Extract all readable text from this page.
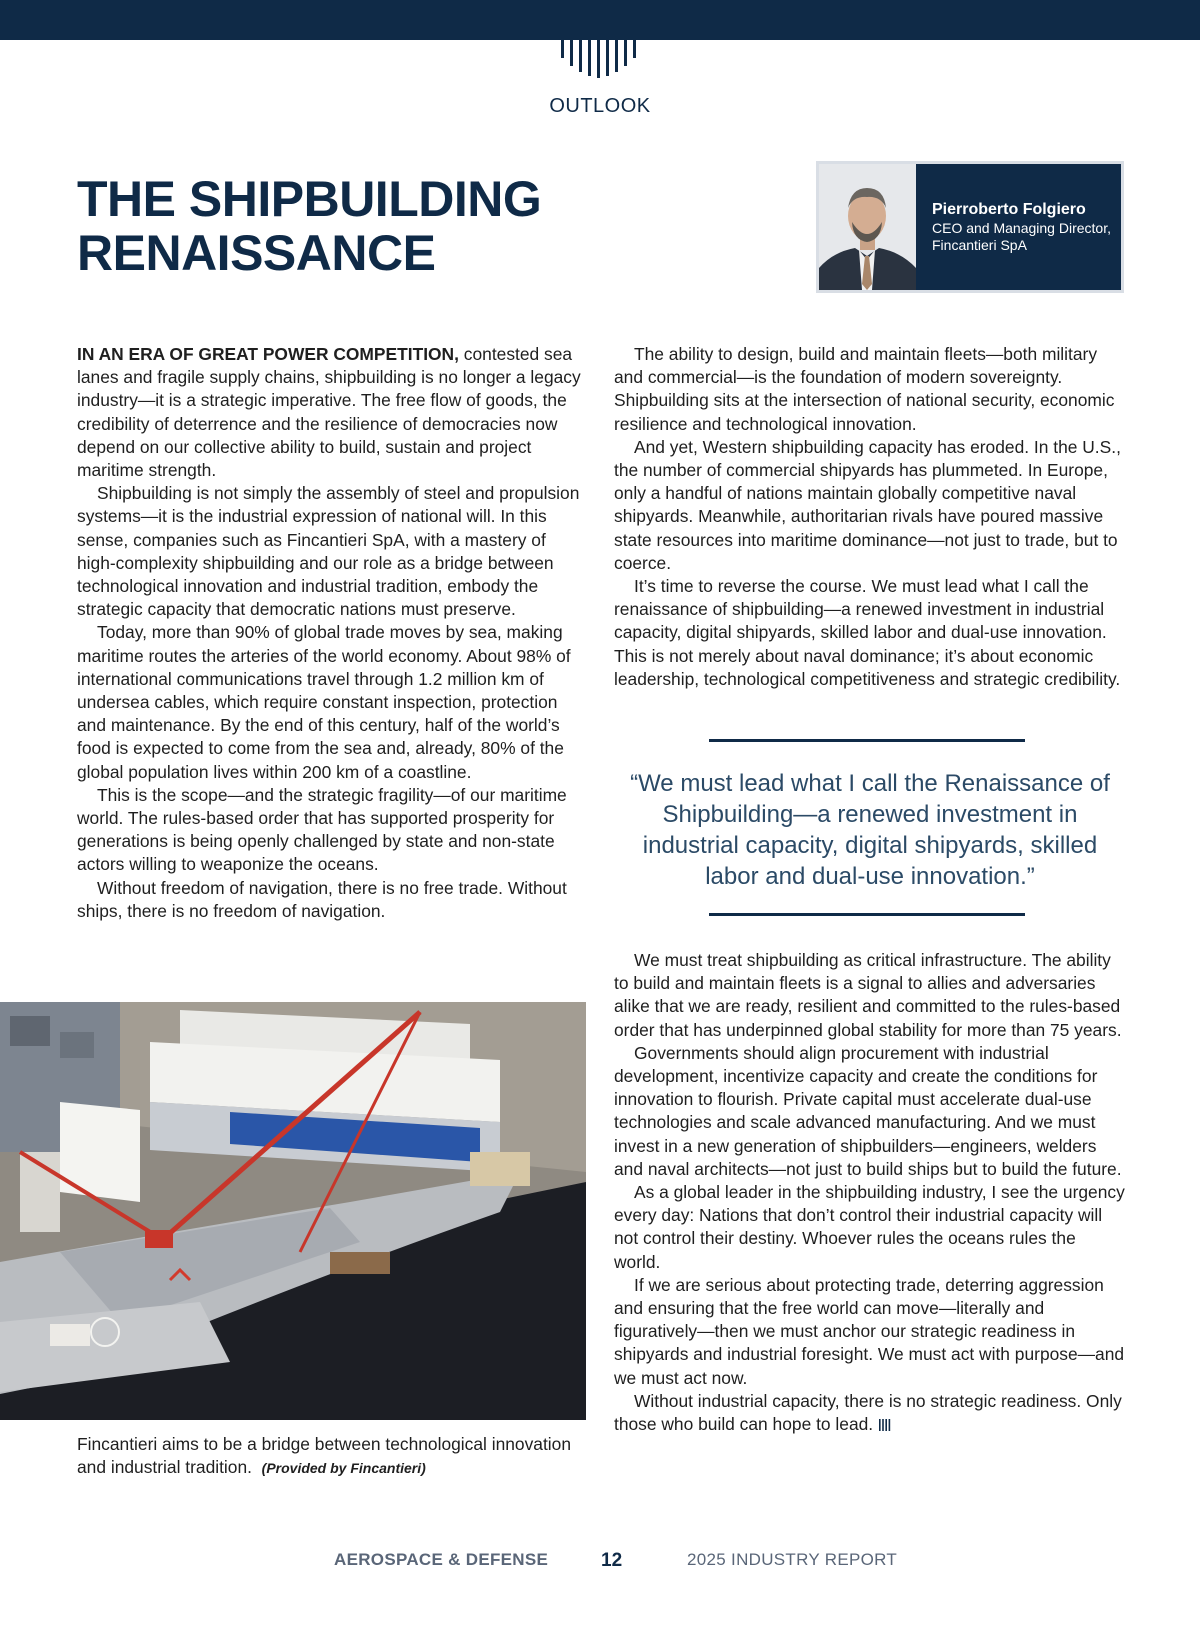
OUTLOOK
THE SHIPBUILDING
RENAISSANCE
Pierroberto Folgiero
CEO and Managing Director, Fincantieri SpA

IN AN ERA OF GREAT POWER COMPETITION, contested sea lanes and fragile supply chains, shipbuilding is no longer a legacy industry—it is a strategic imperative. The free flow of goods, the credibility of deterrence and the resilience of democracies now depend on our collective ability to build, sustain and project maritime strength.

Shipbuilding is not simply the assembly of steel and propulsion systems—it is the industrial expression of national will. In this sense, companies such as Fincantieri SpA, with a mastery of high-complexity shipbuilding and our role as a bridge between technological innovation and industrial tradition, embody the strategic capacity that democratic nations must preserve.

Today, more than 90% of global trade moves by sea, making maritime routes the arteries of the world economy. About 98% of international communications travel through 1.2 million km of undersea cables, which require constant inspection, protection and maintenance. By the end of this century, half of the world’s food is expected to come from the sea and, already, 80% of the global population lives within 200 km of a coastline.

This is the scope—and the strategic fragility—of our maritime world. The rules-based order that has supported prosperity for generations is being openly challenged by state and non-state actors willing to weaponize the oceans.

Without freedom of navigation, there is no free trade. Without ships, there is no freedom of navigation.

The ability to design, build and maintain fleets—both military and commercial—is the foundation of modern sovereignty. Shipbuilding sits at the intersection of national security, economic resilience and technological innovation.

And yet, Western shipbuilding capacity has eroded. In the U.S., the number of commercial shipyards has plummeted. In Europe, only a handful of nations maintain globally competitive naval shipyards. Meanwhile, authoritarian rivals have poured massive state resources into maritime dominance—not just to trade, but to coerce.

It’s time to reverse the course. We must lead what I call the renaissance of shipbuilding—a renewed investment in industrial capacity, digital shipyards, skilled labor and dual-use innovation. This is not merely about naval dominance; it’s about economic leadership, technological competitiveness and strategic credibility.

“We must lead what I call the Renaissance of Shipbuilding—a renewed investment in industrial capacity, digital shipyards, skilled labor and dual-use innovation.”

We must treat shipbuilding as critical infrastructure. The ability to build and maintain fleets is a signal to allies and adversaries alike that we are ready, resilient and committed to the rules-based order that has underpinned global stability for more than 75 years.

Governments should align procurement with industrial development, incentivize capacity and create the conditions for innovation to flourish. Private capital must accelerate dual-use technologies and scale advanced manufacturing. And we must invest in a new generation of shipbuilders—engineers, welders and naval architects—not just to build ships but to build the future.

As a global leader in the shipbuilding industry, I see the urgency every day: Nations that don’t control their industrial capacity will not control their destiny. Whoever rules the oceans rules the world.

If we are serious about protecting trade, deterring aggression and ensuring that the free world can move—literally and figuratively—then we must anchor our strategic readiness in shipyards and industrial foresight. We must act with purpose—and we must act now.

Without industrial capacity, there is no strategic readiness. Only those who build can hope to lead.

Fincantieri aims to be a bridge between technological innovation and industrial tradition. (Provided by Fincantieri)
AEROSPACE & DEFENSE	12	2025 INDUSTRY REPORT
